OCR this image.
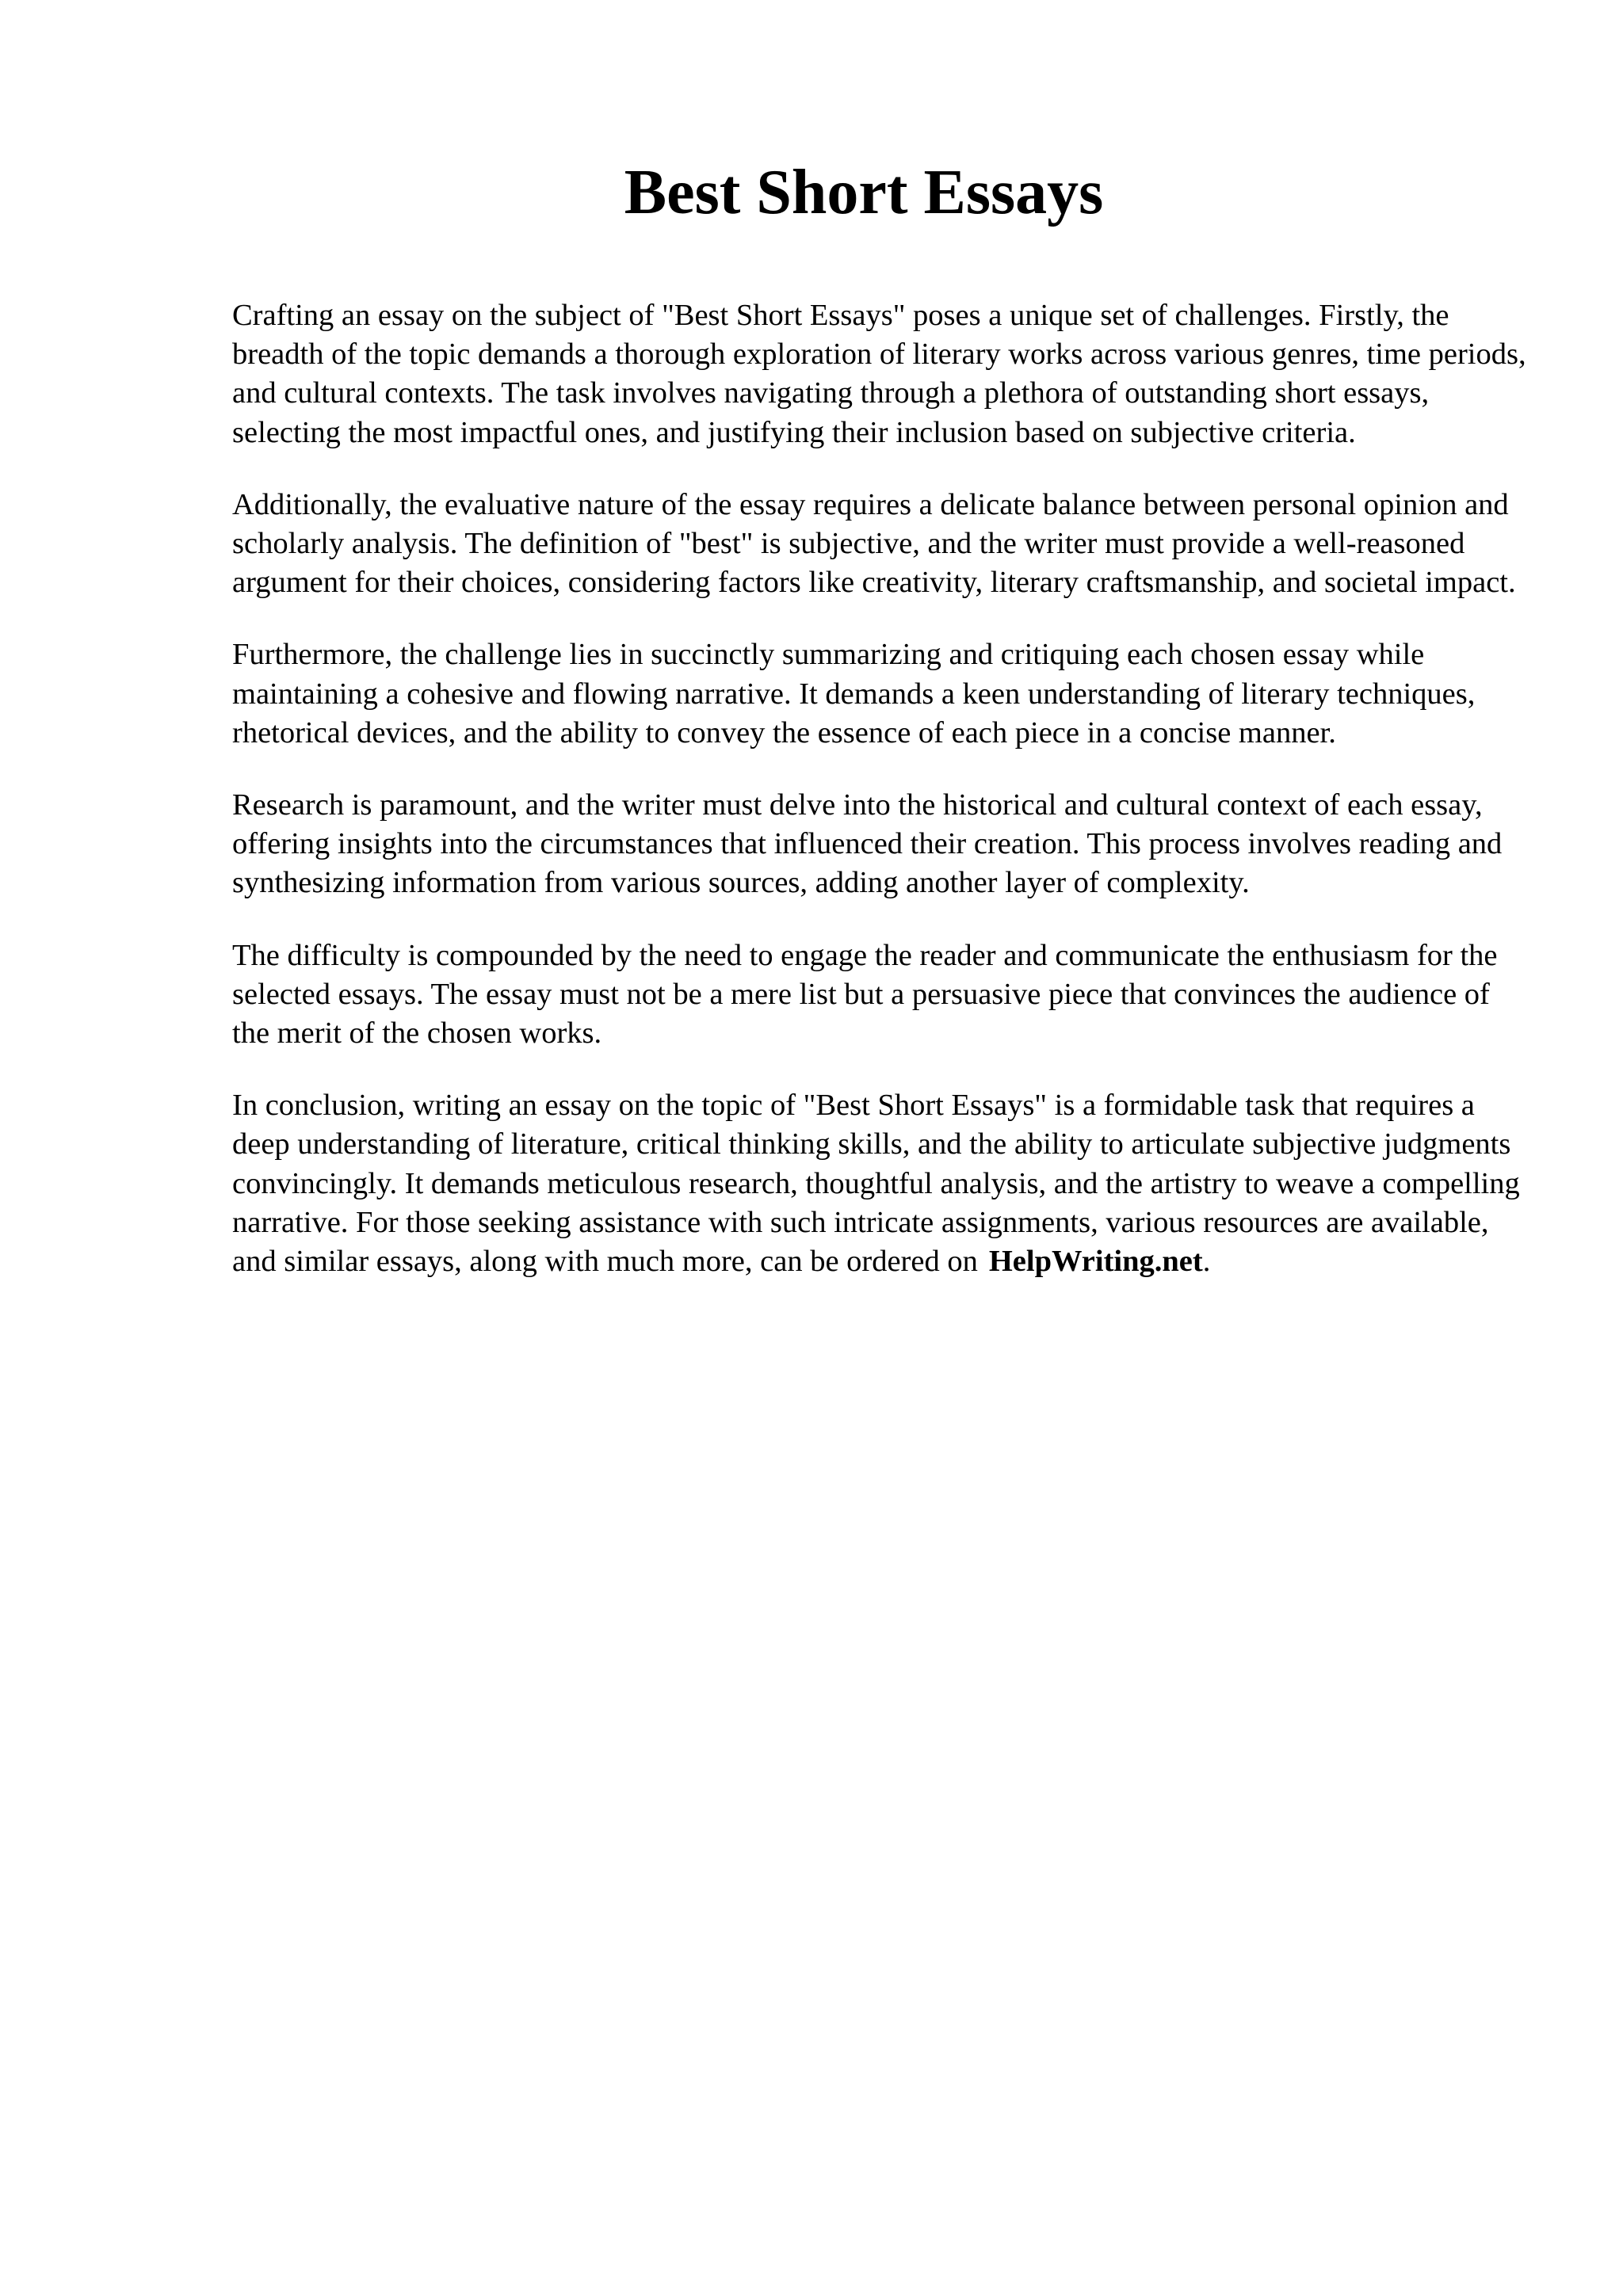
Best Short Essays

Crafting an essay on the subject of "Best Short Essays" poses a unique set of challenges. Firstly, the breadth of the topic demands a thorough exploration of literary works across various genres, time periods, and cultural contexts. The task involves navigating through a plethora of outstanding short essays, selecting the most impactful ones, and justifying their inclusion based on subjective criteria.

Additionally, the evaluative nature of the essay requires a delicate balance between personal opinion and scholarly analysis. The definition of "best" is subjective, and the writer must provide a well-reasoned argument for their choices, considering factors like creativity, literary craftsmanship, and societal impact.

Furthermore, the challenge lies in succinctly summarizing and critiquing each chosen essay while maintaining a cohesive and flowing narrative. It demands a keen understanding of literary techniques, rhetorical devices, and the ability to convey the essence of each piece in a concise manner.

Research is paramount, and the writer must delve into the historical and cultural context of each essay, offering insights into the circumstances that influenced their creation. This process involves reading and synthesizing information from various sources, adding another layer of complexity.

The difficulty is compounded by the need to engage the reader and communicate the enthusiasm for the selected essays. The essay must not be a mere list but a persuasive piece that convinces the audience of the merit of the chosen works.

In conclusion, writing an essay on the topic of "Best Short Essays" is a formidable task that requires a deep understanding of literature, critical thinking skills, and the ability to articulate subjective judgments convincingly. It demands meticulous research, thoughtful analysis, and the artistry to weave a compelling narrative. For those seeking assistance with such intricate assignments, various resources are available, and similar essays, along with much more, can be ordered on HelpWriting.net.
